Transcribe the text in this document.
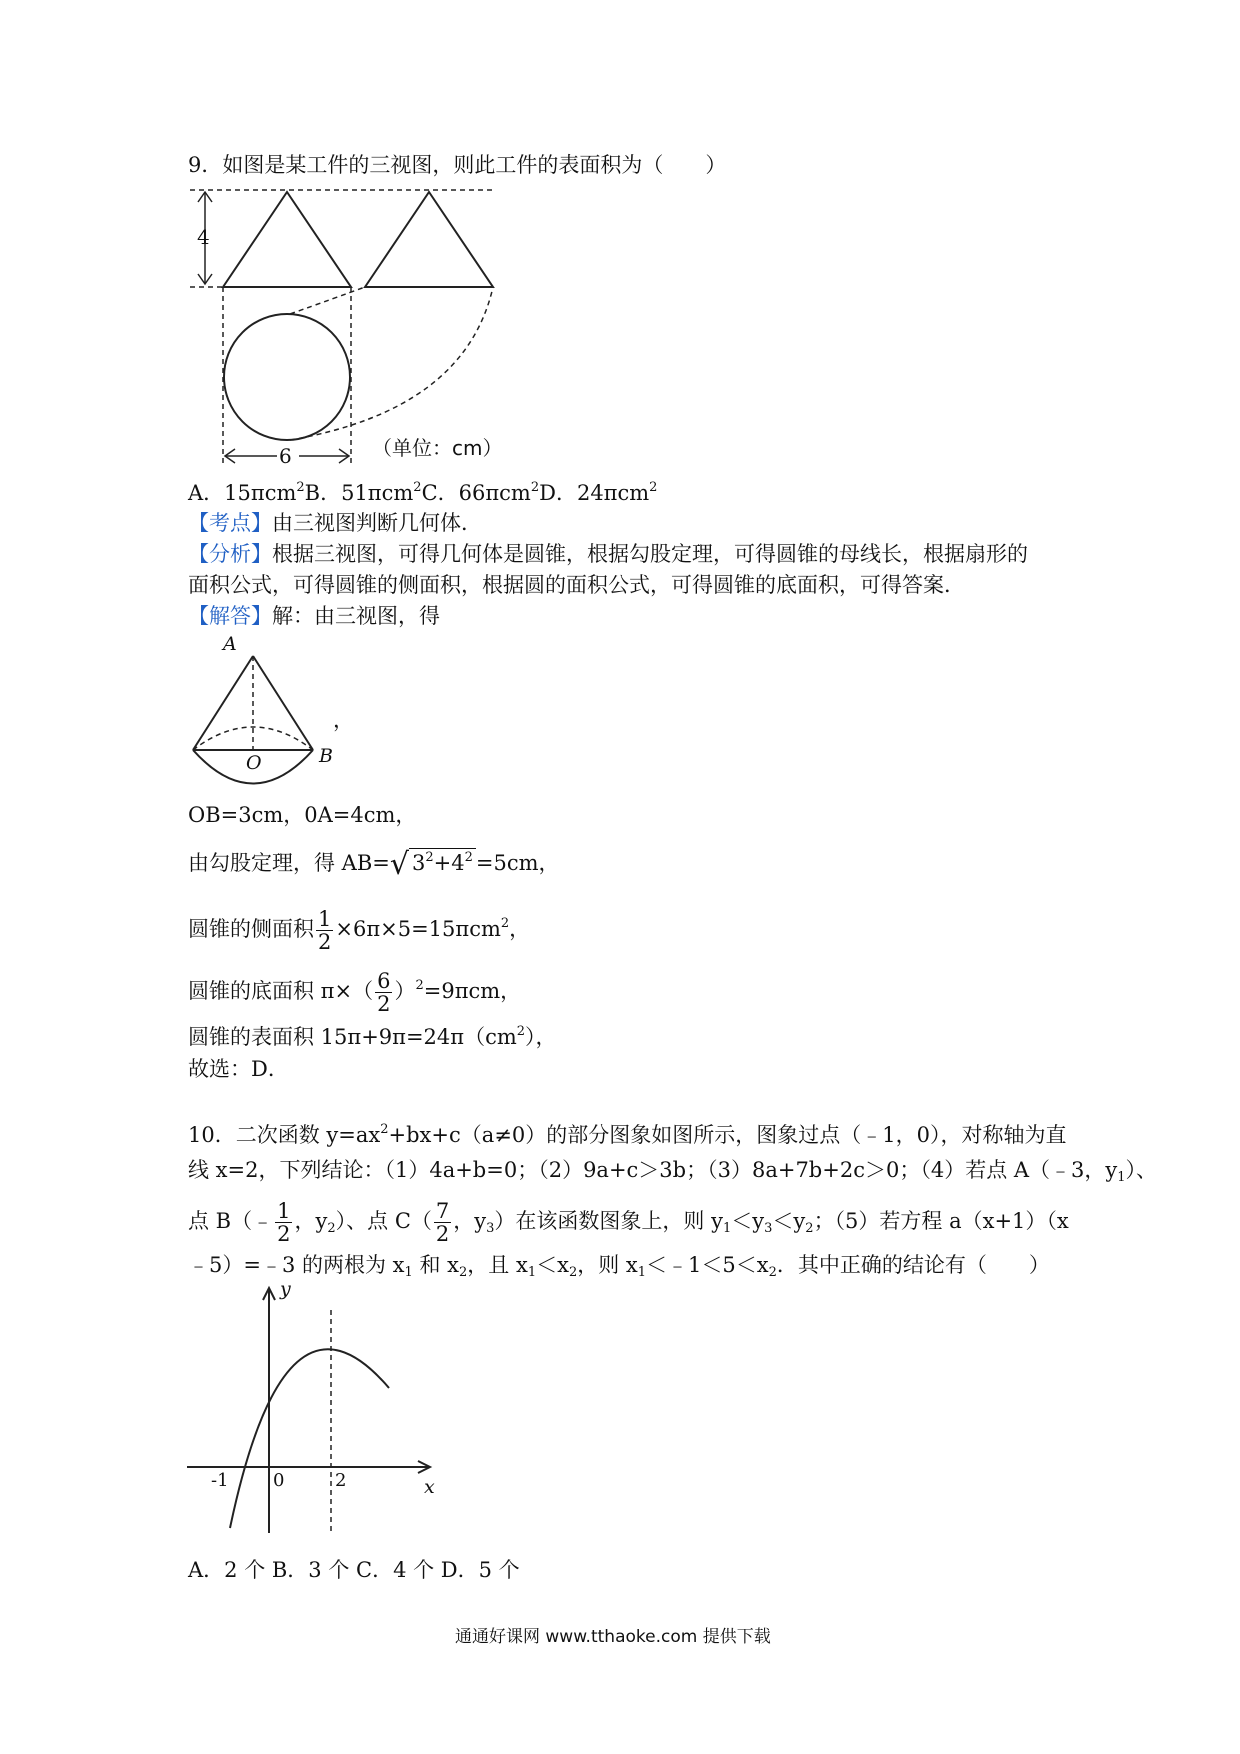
9．如图是某工件的三视图，则此工件的表面积为（　　）
4
6	（单位：cm）
A．15πcm$^2$B．51πcm$^2$C．66πcm$^2$D．24πcm$^2$
【考点】由三视图判断几何体．
【分析】根据三视图，可得几何体是圆锥，根据勾股定理，可得圆锥的母线长，根据扇形的
面积公式，可得圆锥的侧面积，根据圆的面积公式，可得圆锥的底面积，可得答案．
【解答】解：由三视图，得
A
O	B
，
OB=3cm，0A=4cm，
由勾股定理，得 AB=√ $3^2+4^2 =5cm$，
圆锥的侧面积 $\frac{1}{2} \times 6\pi\times 5=15\pi cm^2$，
圆锥的底面积 $\pi\times( \frac{6}{2} )^2=9\pi cm$，
圆锥的表面积 $15\pi+9\pi=24\pi(cm^2)$，
故选：D．
10．二次函数 $y=ax^2+bx+c(a\ne 0)$的部分图象如图所示，图象过点（﹣1，0），对称轴为直
线 x=2，下列结论：（1）4a+b=0；（2）9a+c＞3b；（3）8a+7b+2c＞0；（4）若点 A（﹣3，$y_1$）、
点 B（﹣ $\frac{1}{2}$ ，$y_2$）、点 $C( \frac{7}{2}$ ，$y_3$）在该函数图象上，则 $y_1<y_3<y_2$；（5）若方程 a（x+1）（x
﹣5）=﹣3 的两根为 $x_1$ 和 $x_2$，且 $x_1<x_2$，则 $x_1<﹣1<5<x_2$．其中正确的结论有（　　）
y
x
-1 0	2
A．2 个 B．3 个 C．4 个 D．5 个
通通好课网 www.tthaoke.com 提供下载
